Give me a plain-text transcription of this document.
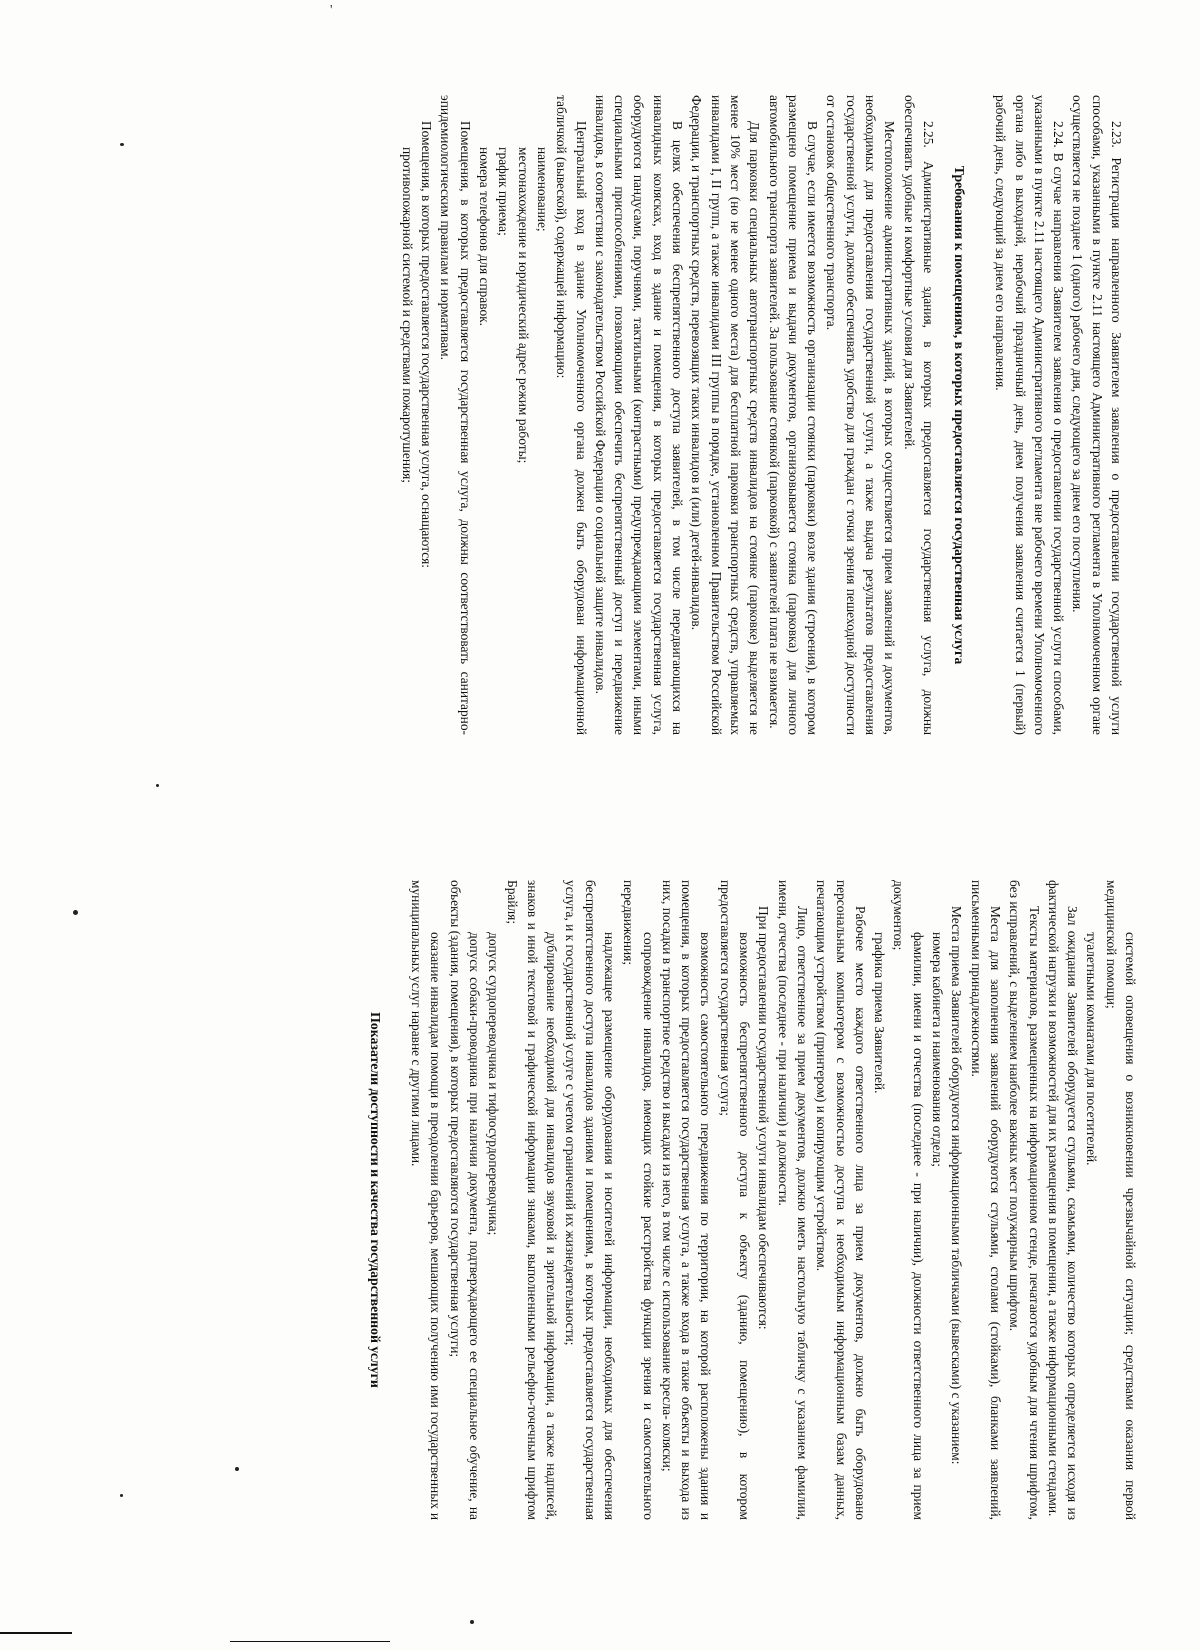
2.23. Регистрация направленного Заявителем заявления о предоставлении государственной услуги способами, указанными в пункте 2.11 настоящего Административного регламента в Уполномоченном органе осуществляется не позднее 1 (одного) рабочего дня, следующего за днем его поступления.

2.24. В случае направления Заявителем заявления о предоставлении государственной услуги способами, указанными в пункте 2.11 настоящего Административного регламента вне рабочего времени Уполномоченного органа либо в выходной, нерабочий праздничный день, днем получения заявления считается 1 (первый) рабочий день, следующий за днем его направления.

Требования к помещениям, в которых предоставляется государственная услуга

2.25. Административные здания, в которых предоставляется государственная услуга, должны обеспечивать удобные и комфортные условия для Заявителей.

Местоположение административных зданий, в которых осуществляется прием заявлений и документов, необходимых для предоставления государственной услуги, а также выдача результатов предоставления государственной услуги, должно обеспечивать удобство для граждан с точки зрения пешеходной доступности от остановок общественного транспорта.

В случае, если имеется возможность организации стоянки (парковки) возле здания (строения), в котором размещено помещение приема и выдачи документов, организовывается стоянка (парковка) для личного автомобильного транспорта заявителей. За пользование стоянкой (парковкой) с заявителей плата не взимается.

Для парковки специальных автотранспортных средств инвалидов на стоянке (парковке) выделяется не менее 10% мест (но не менее одного места) для бесплатной парковки транспортных средств, управляемых инвалидами I, II групп, а также инвалидами III группы в порядке, установленном Правительством Российской Федерации, и транспортных средств, перевозящих таких инвалидов и (или) детей-инвалидов.

В целях обеспечения беспрепятственного доступа заявителей, в том числе передвигающихся на инвалидных колясках, вход в здание и помещения, в которых предоставляется государственная услуга, оборудуются пандусами, поручнями, тактильными (контрастными) предупреждающими элементами, иными специальными приспособлениями, позволяющими обеспечить беспрепятственный доступ и передвижение инвалидов, в соответствии с законодательством Российской Федерации о социальной защите инвалидов.

Центральный вход в здание Уполномоченного органа должен быть оборудован информационной табличкой (вывеской), содержащей информацию:

наименование;

местонахождение и юридический адрес режим работы;

график приема;

номера телефонов для справок.

Помещения, в которых предоставляется государственная услуга, должны соответствовать санитарно-эпидемиологическим правилам и нормативам.

Помещения, в которых предоставляется государственная услуга, оснащаются:

противопожарной системой и средствами пожаротушения;

системой оповещения о возникновении чрезвычайной ситуации; средствами оказания первой медицинской помощи;

туалетными комнатами для посетителей.

Зал ожидания Заявителей оборудуется стульями, скамьями, количество которых определяется исходя из фактической нагрузки и возможностей для их размещения в помещении, а также информационными стендами.

Тексты материалов, размещенных на информационном стенде, печатаются удобным для чтения шрифтом, без исправлений, с выделением наиболее важных мест полужирным шрифтом.

Места для заполнения заявлений оборудуются стульями, столами (стойками), бланками заявлений, письменными принадлежностями.

Места приема Заявителей оборудуются информационными табличками (вывесками) с указанием:

номера кабинета и наименования отдела;

фамилии, имени и отчества (последнее - при наличии), должности ответственного лица за прием документов;

графика приема Заявителей.

Рабочее место каждого ответственного лица за прием документов, должно быть оборудовано персональным компьютером с возможностью доступа к необходимым информационным базам данных, печатающим устройством (принтером) и копирующим устройством.

Лицо, ответственное за прием документов, должно иметь настольную табличку с указанием фамилии, имени, отчества (последнее - при наличии) и должности.

При предоставлении государственной услуги инвалидам обеспечиваются:

возможность беспрепятственного доступа к объекту (зданию, помещению), в котором предоставляется государственная услуга;

возможность самостоятельного передвижения по территории, на которой расположены здания и помещения, в которых предоставляется государственная услуга, а также входа в такие объекты и выхода из них, посадки в транспортное средство и высадки из него, в том числе с использование кресла- коляски;

сопровождение инвалидов, имеющих стойкие расстройства функции зрения и самостоятельного передвижения;

надлежащее размещение оборудования и носителей информации, необходимых для обеспечения беспрепятственного доступа инвалидов зданиям и помещениям, в которых предоставляется государственная услуга, и к государственной услуге с учетом ограничений их жизнедеятельности;

дублирование необходимой для инвалидов звуковой и зрительной информации, а также надписей, знаков и иной текстовой и графической информации знаками, выполненными рельефно-точечным шрифтом Брайля;

допуск сурдопереводчика и тифлосурдопереводчика;

допуск собаки-проводника при наличии документа, подтверждающего ее специальное обучение, на объекты (здания, помещения), в которых предоставляются государственная услуги;

оказание инвалидам помощи в преодолении барьеров, мешающих получению ими государственных и муниципальных услуг наравне с другими лицами.

Показатели доступности и качества государственной услуги
'
